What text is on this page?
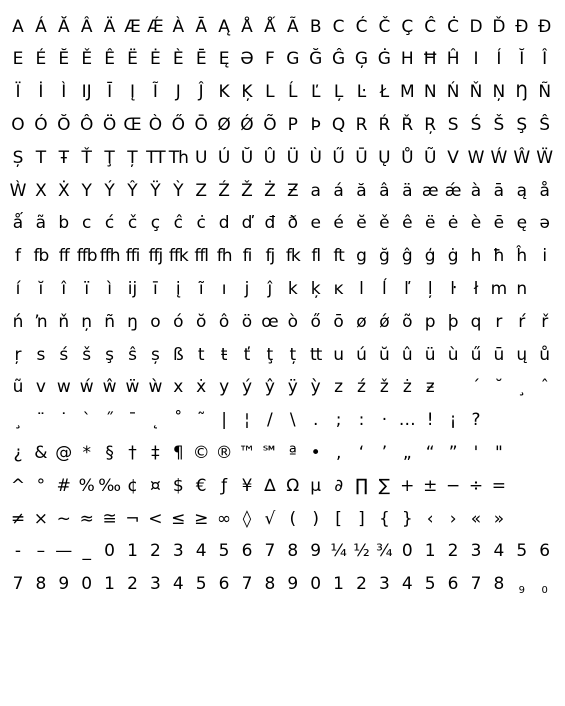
A Á Ă Â Ä Æ Ǽ À Ā Ą Å Ǻ Ã B C Ć Č Ç Ĉ Ċ D Ď Đ Ð
E É Ĕ Ě Ê Ë Ė È Ē Ę Ə F G Ğ Ĝ Ģ Ġ H Ħ Ĥ I	Í	Ĭ	Î
Ï	İ	Ì Ĳ Ī	Į	Ĩ	J	Ĵ K Ķ L Ĺ Ľ Ļ Ŀ Ł M N Ń Ň Ņ Ŋ Ñ
O Ó Ŏ Ô Ö Œ Ò Ő Ō Ø Ǿ Õ P Þ Q R Ŕ Ř Ŗ S Ś Š Ş Ŝ
Ș T Ŧ Ť Ţ Ț TT Th U Ú Ŭ Û Ü Ù Ű Ū Ų Ů Ũ V W Ẃ Ŵ Ẅ
Ẁ X Ẋ Y Ý Ŷ Ÿ Ỳ Z Ź Ž Ż Ƶ a á ă â ä æ ǽ à ā ą å
ǻ ã b c ć č ç ĉ ċ d ď đ ð e é ĕ ě ê ë ė è ē ę ə
f fb ff ffb ffh ffi ffj ffk ffl fh fi fj fk fl ft g ğ ĝ ģ ġ h ħ ĥ i
í	ĭ	î	ï	ì ĳ ī	į	ĩ	ı	j	ĵ k ķ ĸ l	ĺ	ľ	ļ	ŀ	ł m n
ń ŉ ň ņ ñ ŋ o ó ŏ ô ö œ ò ő ō ø ǿ õ p þ q r ŕ ř
ŗ s ś š ş ŝ ș ß t ŧ ť ţ ț tt u ú ŭ û ü ù ű ū ų ů
ũ v w ẃ ŵ ẅ ẁ x ẋ y ý ŷ ÿ ỳ z ź ž ż ƶ	´ ˘ ¸ ˆ
¸ ¨ ˙ ` ˝ ¯ ˛ ˚ ˜ |	¦	/	\	.	;	:	· … ! ¡ ?
¿ & @ * § † ‡ ¶ © ® ™ ℠ ª • ‚	‘	’ „ “ ” ' "
^ ° # % ‰ ¢ ¤ $ € ƒ ¥ ∆ Ω µ ∂ ∏ ∑ + ± − ÷ =
≠ × ~ ≈ ≅ ¬ < ≤ ≥ ∞ ◊ √ ( ) [ ] { } ‹ › « »
- – — _ 0 1 2 3 4 5 6 7 8 9 ¼ ½ ¾ 0 1 2 3 4 5 6
7 8 9 0 1 2 3 4 5 6 7 8 9 0 1 2 3 4 5 6 7 8	9	0
